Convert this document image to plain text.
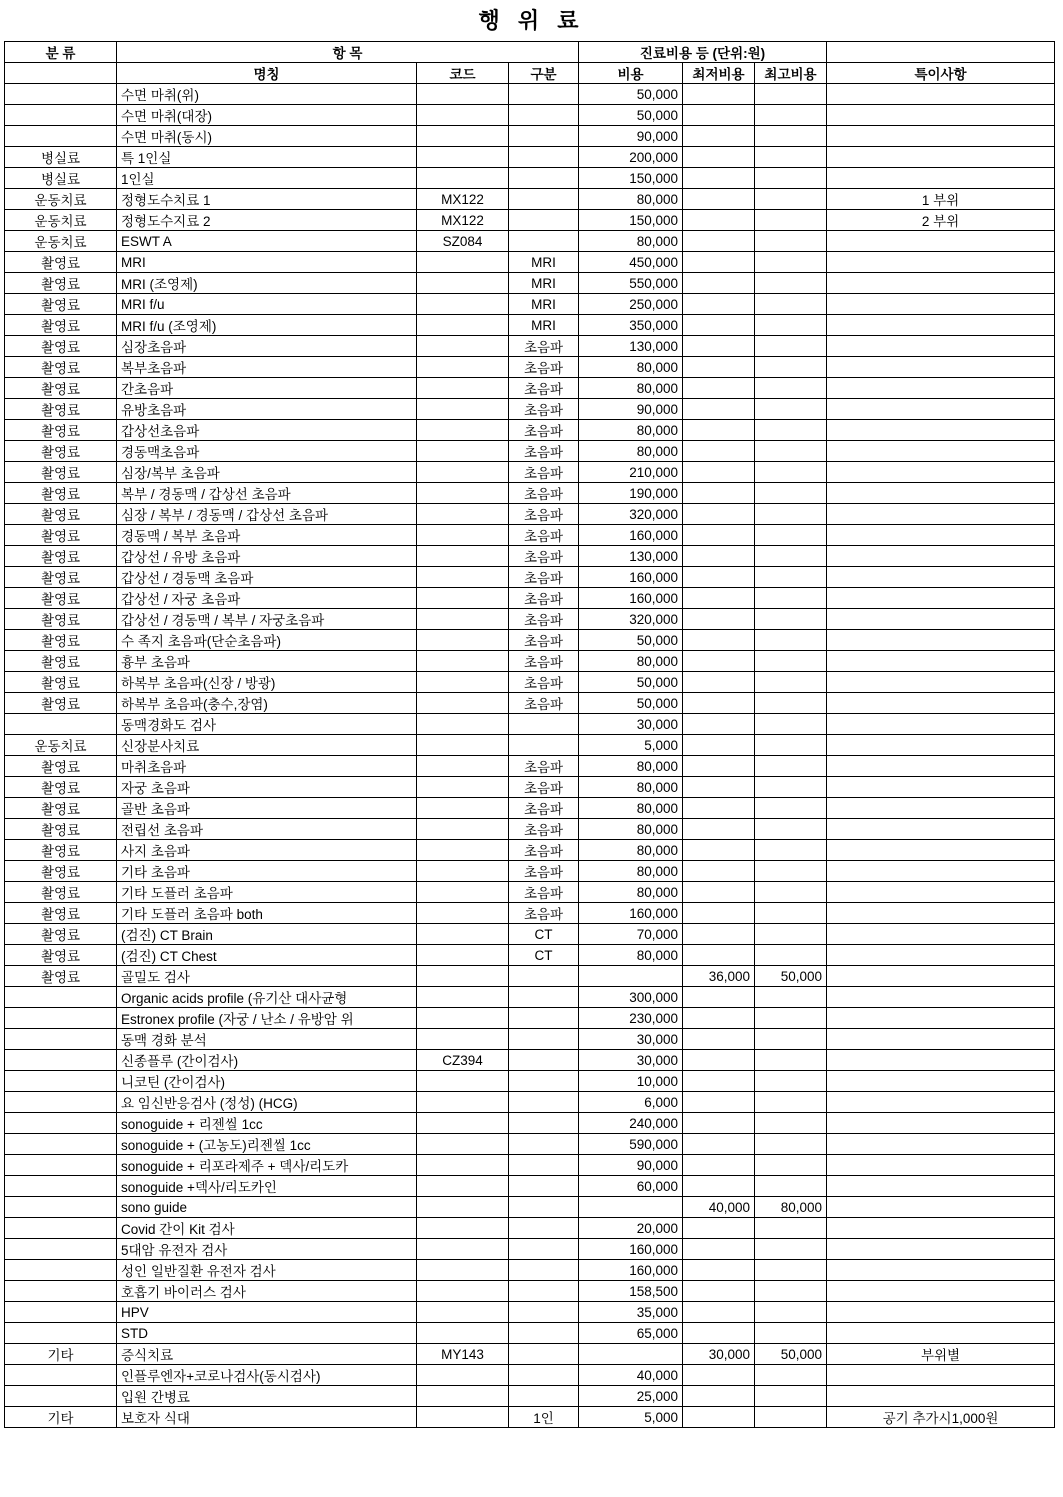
행 위 료
분 류	항 목			진료비용 등 (단위:원)			
	명칭	코드	구분	비용	최저비용	최고비용	특이사항
	수면 마취(위)			50,000			
	수면 마취(대장)			50,000			
	수면 마취(동시)			90,000			
병실료	특 1인실			200,000			
병실료	1인실			150,000			
운동치료	정형도수치료 1	MX122		80,000			1 부위
운동치료	정형도수지료 2	MX122		150,000			2 부위
운동치료	ESWT A	SZ084		80,000			
촬영료	MRI		MRI	450,000			
촬영료	MRI (조영제)		MRI	550,000			
촬영료	MRI f/u		MRI	250,000			
촬영료	MRI f/u (조영제)		MRI	350,000			
촬영료	심장초음파		초음파	130,000			
촬영료	복부초음파		초음파	80,000			
촬영료	간초음파		초음파	80,000			
촬영료	유방초음파		초음파	90,000			
촬영료	갑상선초음파		초음파	80,000			
촬영료	경동맥초음파		초음파	80,000			
촬영료	심장/복부 초음파		초음파	210,000			
촬영료	복부 / 경동맥 / 갑상선 초음파		초음파	190,000			
촬영료	심장 / 복부 / 경동맥 / 갑상선 초음파		초음파	320,000			
촬영료	경동맥 / 복부 초음파		초음파	160,000			
촬영료	갑상선 / 유방 초음파		초음파	130,000			
촬영료	갑상선 / 경동맥 초음파		초음파	160,000			
촬영료	갑상선 / 자궁 초음파		초음파	160,000			
촬영료	갑상선 / 경동맥 / 복부 / 자궁초음파		초음파	320,000			
촬영료	수 족지 초음파(단순초음파)		초음파	50,000			
촬영료	흉부 초음파		초음파	80,000			
촬영료	하복부 초음파(신장 / 방광)		초음파	50,000			
촬영료	하복부 초음파(충수,장염)		초음파	50,000			
	동맥경화도 검사			30,000			
운동치료	신장분사치료			5,000			
촬영료	마취초음파		초음파	80,000			
촬영료	자궁 초음파		초음파	80,000			
촬영료	골반 초음파		초음파	80,000			
촬영료	전립선 초음파		초음파	80,000			
촬영료	사지 초음파		초음파	80,000			
촬영료	기타 초음파		초음파	80,000			
촬영료	기타 도플러 초음파		초음파	80,000			
촬영료	기타 도플러 초음파 both		초음파	160,000			
촬영료	(검진) CT Brain		CT	70,000			
촬영료	(검진) CT Chest		CT	80,000			
촬영료	골밀도 검사				36,000	50,000	
	Organic acids profile (유기산 대사균형			300,000			
	Estronex profile (자궁 / 난소 / 유방암 위			230,000			
	동맥 경화 분석			30,000			
	신종플루 (간이검사)	CZ394		30,000			
	니코틴 (간이검사)			10,000			
	요 임신반응검사 (정성) (HCG)			6,000			
	sonoguide + 리젠씰 1cc			240,000			
	sonoguide + (고농도)리젠씰 1cc			590,000			
	sonoguide + 리포라제주 + 덱사/리도카			90,000			
	sonoguide +덱사/리도카인			60,000			
	sono guide				40,000	80,000	
	Covid 간이 Kit 검사			20,000			
	5대암 유전자 검사			160,000			
	성인 일반질환 유전자 검사			160,000			
	호흡기 바이러스 검사			158,500			
	HPV			35,000			
	STD			65,000			
기타	증식치료	MY143			30,000	50,000	부위별
	인플루엔자+코로나검사(동시검사)			40,000			
	입원 간병료			25,000			
기타	보호자 식대		1인	5,000			공기 추가시1,000원
